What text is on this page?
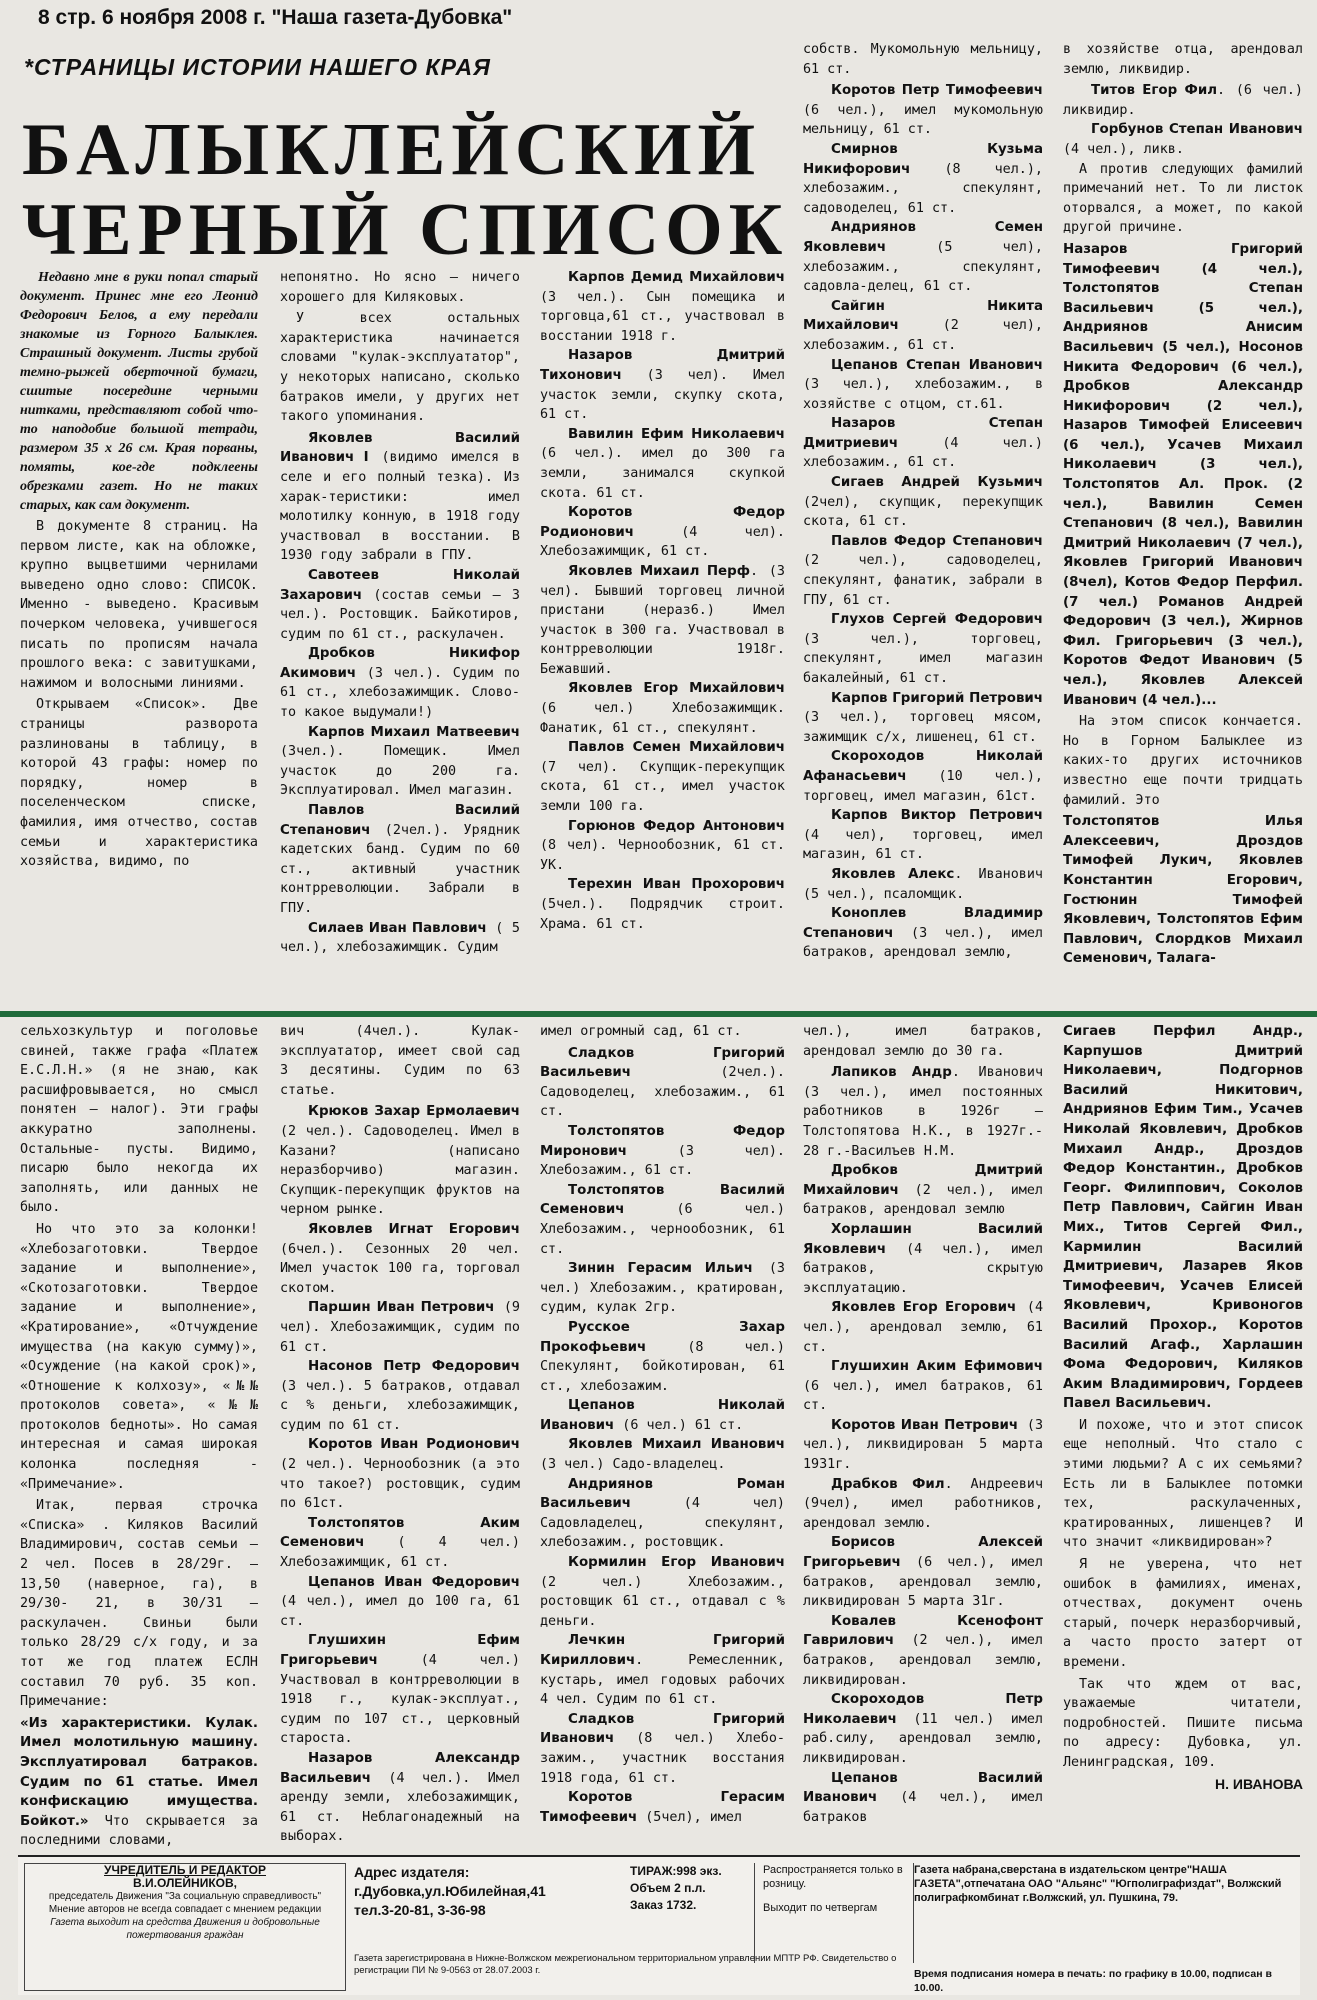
8 стр. 6 ноября 2008 г. "Наша газета-Дубовка"
*СТРАНИЦЫ ИСТОРИИ НАШЕГО КРАЯ
БАЛЫКЛЕЙСКИЙ
ЧЕРНЫЙ СПИСОК

Недавно мне в руки попал старый документ. Принес мне его Леонид Федорович Белов, а ему передали знакомые из Горного Балыклея. Страшный документ. Листы грубой темно-рыжей оберточной бумаги, сшитые посередине черными нитками, представляют собой что-то наподобие большой тетради, размером 35 х 26 см. Края порваны, помяты, кое-где подклеены обрезками газет. Но не таких старых, как сам документ.

В документе 8 страниц. На первом листе, как на обложке, крупно выцветшими чернилами выведено одно слово: СПИСОК. Именно - выведено. Красивым почерком человека, учившегося писать по прописям начала прошлого века: с завитушками, нажимом и волосными линиями.

Открываем «Список». Две страницы разворота разлинованы в таблицу, в которой 43 графы: номер по порядку, номер в поселенческом списке, фамилия, имя отчество, состав семьи и характеристика хозяйства, видимо, по

непонятно. Но ясно – ничего хорошего для Киляковых.

У всех остальных характеристика начинается словами "кулак-эксплуататор", у некоторых написано, сколько батраков имели, у других нет такого упоминания.

Яковлев Василий Иванович I (видимо имелся в селе и его полный тезка). Из харак-теристики: имел молотилку конную, в 1918 году участвовал в восстании. В 1930 году забрали в ГПУ.

Савотеев Николай Захарович (состав семьи – 3 чел.). Ростовщик. Байкотиров, судим по 61 ст., раскулачен.

Дробков Никифор Акимович (3 чел.). Судим по 61 ст., хлебозажимщик. Слово-то какое выдумали!)

Карпов Михаил Матвеевич (3чел.). Помещик. Имел участок до 200 га. Эксплуатировал. Имел магазин.

Павлов Василий Степанович (2чел.). Урядник кадетских банд. Судим по 60 ст., активный участник контрреволюции. Забрали в ГПУ.

Силаев Иван Павлович ( 5 чел.), хлебозажимщик. Судим

Карпов Демид Михайлович (3 чел.). Сын помещика и торговца,61 ст., участвовал в восстании 1918 г.

Назаров Дмитрий Тихонович (3 чел). Имел участок земли, скупку скота, 61 ст.

Вавилин Ефим Николаевич (6 чел.). имел до 300 га земли, занимался скупкой скота. 61 ст.

Коротов Федор Родионович (4 чел). Хлебозажимщик, 61 ст.

Яковлев Михаил Перф. (3 чел). Бывший торговец личной пристани (нераз6.) Имел участок в 300 га. Участвовал в контрреволюции 1918г. Бежавший.

Яковлев Егор Михайлович (6 чел.) Хлебозажимщик. Фанатик, 61 ст., спекулянт.

Павлов Семен Михайлович (7 чел). Скупщик-перекупщик скота, 61 ст., имел участок земли 100 га.

Горюнов Федор Антонович (8 чел). Чернообозник, 61 ст. УК.

Терехин Иван Прохорович (5чел.). Подрядчик строит. Храма. 61 ст.

собств. Мукомольную мельницу, 61 ст.

Коротов Петр Тимофеевич (6 чел.), имел мукомольную мельницу, 61 ст.

Смирнов Кузьма Никифорович (8 чел.), хлебозажим., спекулянт, садоводелец, 61 ст.

Андриянов Семен Яковлевич (5 чел), хлебозажим., спекулянт, садовла-делец, 61 ст.

Сайгин Никита Михайлович (2 чел), хлебозажим., 61 ст.

Цепанов Степан Иванович (3 чел.), хлебозажим., в хозяйстве с отцом, ст.61.

Назаров Степан Дмитриевич (4 чел.) хлебозажим., 61 ст.

Сигаев Андрей Кузьмич (2чел), скупщик, перекупщик скота, 61 ст.

Павлов Федор Степанович (2 чел.), садоводелец, спекулянт, фанатик, забрали в ГПУ, 61 ст.

Глухов Сергей Федорович (3 чел.), торговец, спекулянт, имел магазин бакалейный, 61 ст.

Карпов Григорий Петрович (3 чел.), торговец мясом, зажимщик с/х, лишенец, 61 ст.

Скороходов Николай Афанасьевич (10 чел.), торговец, имел магазин, 61ст.

Карпов Виктор Петрович (4 чел), торговец, имел магазин, 61 ст.

Яковлев Алекс. Иванович (5 чел.), псаломщик.

Коноплев Владимир Степанович (3 чел.), имел батраков, арендовал землю,

в хозяйстве отца, арендовал землю, ликвидир.

Титов Егор Фил. (6 чел.) ликвидир.

Горбунов Степан Иванович (4 чел.), ликв.

А против следующих фамилий примечаний нет. То ли листок оторвался, а может, по какой другой причине.

Назаров Григорий Тимофеевич (4 чел.), Толстопятов Степан Васильевич (5 чел.), Андриянов Анисим Васильевич (5 чел.), Носонов Никита Федорович (6 чел.), Дробков Александр Никифорович (2 чел.), Назаров Тимофей Елисеевич (6 чел.), Усачев Михаил Николаевич (3 чел.), Толстопятов Ал. Прок. (2 чел.), Вавилин Семен Степанович (8 чел.), Вавилин Дмитрий Николаевич (7 чел.), Яковлев Григорий Иванович (8чел), Котов Федор Перфил. (7 чел.) Романов Андрей Федорович (3 чел.), Жирнов Фил. Григорьевич (3 чел.), Коротов Федот Иванович (5 чел.), Яковлев Алексей Иванович (4 чел.)...

На этом список кончается. Но в Горном Балыклее из каких-то других источников известно еще почти тридцать фамилий. Это

Толстопятов Илья Алексеевич, Дроздов Тимофей Лукич, Яковлев Константин Егорович, Гостюнин Тимофей Яковлевич, Толстопятов Ефим Павлович, Слордков Михаил Семенович, Талага-

сельхозкультур и поголовье свиней, также графа «Платеж Е.С.Л.Н.» (я не знаю, как расшифровывается, но смысл понятен – налог). Эти графы аккуратно заполнены. Остальные- пусты. Видимо, писарю было некогда их заполнять, или данных не было.

Но что это за колонки! «Хлебозаготовки. Твердое задание и выполнение», «Скотозаготовки. Твердое задание и выполнение», «Кратирование», «Отчуждение имущества (на какую сумму)», «Осуждение (на какой срок)», «Отношение к колхозу», «№№ протоколов совета», «№№ протоколов бедноты». Но самая интересная и самая широкая колонка последняя - «Примечание».

Итак, первая строчка «Списка» . Киляков Василий Владимирович, состав семьи – 2 чел. Посев в 28/29г. – 13,50 (наверное, га), в 29/30- 21, в 30/31 – раскулачен. Свиньи были только 28/29 с/х году, и за тот же год платеж ЕСЛН составил 70 руб. 35 коп. Примечание:

«Из характеристики. Кулак. Имел молотильную машину. Эксплуатировал батраков. Судим по 61 статье. Имел конфискацию имущества. Бойкот.» Что скрывается за последними словами,

вич (4чел.). Кулак- эксплуататор, имеет свой сад 3 десятины. Судим по 63 статье.

Крюков Захар Ермолаевич (2 чел.). Садоводелец. Имел в Казани? (написано неразборчиво) магазин. Скупщик-перекупщик фруктов на черном рынке.

Яковлев Игнат Егорович (6чел.). Сезонных 20 чел. Имел участок 100 га, торговал скотом.

Паршин Иван Петрович (9 чел). Хлебозажимщик, судим по 61 ст.

Насонов Петр Федорович (3 чел.). 5 батраков, отдавал с % деньги, хлебозажимщик, судим по 61 ст.

Коротов Иван Родионович (2 чел.). Чернообозник (а это что такое?) ростовщик, судим по 61ст.

Толстопятов Аким Семенович ( 4 чел.) Хлебозажимщик, 61 ст.

Цепанов Иван Федорович (4 чел.), имел до 100 га, 61 ст.

Глушихин Ефим Григорьевич (4 чел.) Участвовал в контрреволюции в 1918 г., кулак-эксплуат., судим по 107 ст., церковный староста.

Назаров Александр Васильевич (4 чел.). Имел аренду земли, хлебозажимщик, 61 ст. Неблагонадежный на выборах.

имел огромный сад, 61 ст.

Сладков Григорий Васильевич (2чел.). Садоводелец, хлебозажим., 61 ст.

Толстопятов Федор Миронович (3 чел). Хлебозажим., 61 ст.

Толстопятов Василий Семенович (6 чел.) Хлебозажим., чернообозник, 61 ст.

Зинин Герасим Ильич (3 чел.) Хлебозажим., кратирован, судим, кулак 2гр.

Русское Захар Прокофьевич (8 чел.) Спекулянт, бойкотирован, 61 ст., хлебозажим.

Цепанов Николай Иванович (6 чел.) 61 ст.

Яковлев Михаил Иванович (3 чел.) Садо-владелец.

Андриянов Роман Васильевич (4 чел) Садовладелец, спекулянт, хлебозажим., ростовщик.

Кормилин Егор Иванович (2 чел.) Хлебозажим., ростовщик 61 ст., отдавал с % деньги.

Лечкин Григорий Кириллович. Ремесленник, кустарь, имел годовых рабочих 4 чел. Судим по 61 ст.

Сладков Григорий Иванович (8 чел.) Хлебо-зажим., участник восстания 1918 года, 61 ст.

Коротов Герасим Тимофеевич (5чел), имел

чел.), имел батраков, арендовал землю до 30 га.

Лапиков Андр. Иванович (3 чел.), имел постоянных работников в 1926г – Толстопятова Н.К., в 1927г.- 28 г.-Василъев Н.М.

Дробков Дмитрий Михайлович (2 чел.), имел батраков, арендовал землю

Хорлашин Василий Яковлевич (4 чел.), имел батраков, скрытую эксплуатацию.

Яковлев Егор Егорович (4 чел.), арендовал землю, 61 ст.

Глушихин Аким Ефимович (6 чел.), имел батраков, 61 ст.

Коротов Иван Петрович (3 чел.), ликвидирован 5 марта 1931г.

Драбков Фил. Андреевич (9чел), имел работников, арендовал землю.

Борисов Алексей Григорьевич (6 чел.), имел батраков, арендовал землю, ликвидирован 5 марта 31г.

Ковалев Ксенофонт Гаврилович (2 чел.), имел батраков, арендовал землю, ликвидирован.

Скороходов Петр Николаевич (11 чел.) имел раб.силу, арендовал землю, ликвидирован.

Цепанов Василий Иванович (4 чел.), имел батраков

Сигаев Перфил Андр., Карпушов Дмитрий Николаевич, Подгорнов Василий Никитович, Андриянов Ефим Тим., Усачев Николай Яковлевич, Дробков Михаил Андр., Дроздов Федор Константин., Дробков Георг. Филиппович, Соколов Петр Павлович, Сайгин Иван Мих., Титов Сергей Фил., Кармилин Василий Дмитриевич, Лазарев Яков Тимофеевич, Усачев Елисей Яковлевич, Кривоногов Василий Прохор., Коротов Василий Агаф., Харлашин Фома Федорович, Киляков Аким Владимирович, Гордеев Павел Васильевич.

И похоже, что и этот список еще неполный. Что стало с этими людьми? А с их семьями? Есть ли в Балыклее потомки тех, раскулаченных, кратированных, лишенцев? И что значит «ликвидирован»?

Я не уверена, что нет ошибок в фамилиях, именах, отчествах, документ очень старый, почерк неразборчивый, а часто просто затерт от времени.

Так что ждем от вас, уважаемые читатели, подробностей. Пишите письма по адресу: Дубовка, ул. Ленинградская, 109.

Н. ИВАНОВА
УЧРЕДИТЕЛЬ И РЕДАКТОР
В.И.ОЛЕЙНИКОВ,
председатель Движения "За социальную справедливость"
Мнение авторов не всегда совпадает с мнением редакции
Газета выходит на средства Движения и добровольные пожертвования граждан
Адрес издателя:
г.Дубовка,ул.Юбилейная,41
тел.3-20-81, 3-36-98
ТИРАЖ:998 экз.
Объем 2 п.л.
Заказ 1732.
Распространяется только в розницу.
Выходит по четвергам
Газета набрана,сверстана в издательском центре"НАША ГАЗЕТА",отпечатана ОАО "Альянс" "Югполиграфиздат", Волжский полиграфкомбинат г.Волжский, ул. Пушкина, 79.
Газета зарегистрирована в Нижне-Волжском межрегиональном территориальном управлении МПТР РФ. Свидетельство о регистрации ПИ № 9-0563 от 28.07.2003 г.	Время подписания номера в печать: по графику в 10.00, подписан в 10.00.
